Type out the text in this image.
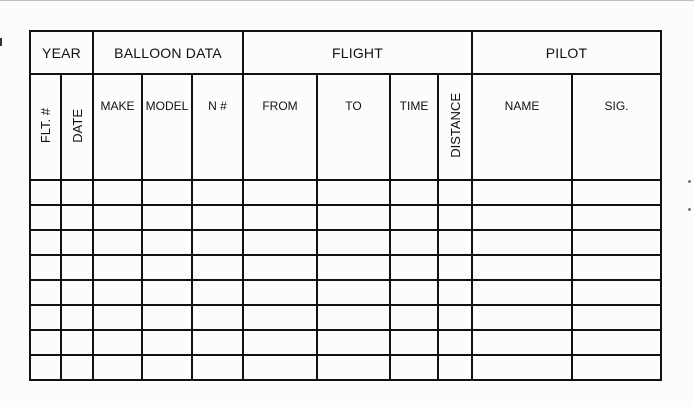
YEAR		BALLOON DATA			FLIGHT				PILOT	
FLT. #	DATE	MAKE	MODEL	N #	FROM	TO	TIME	DISTANCE	NAME	SIG.
